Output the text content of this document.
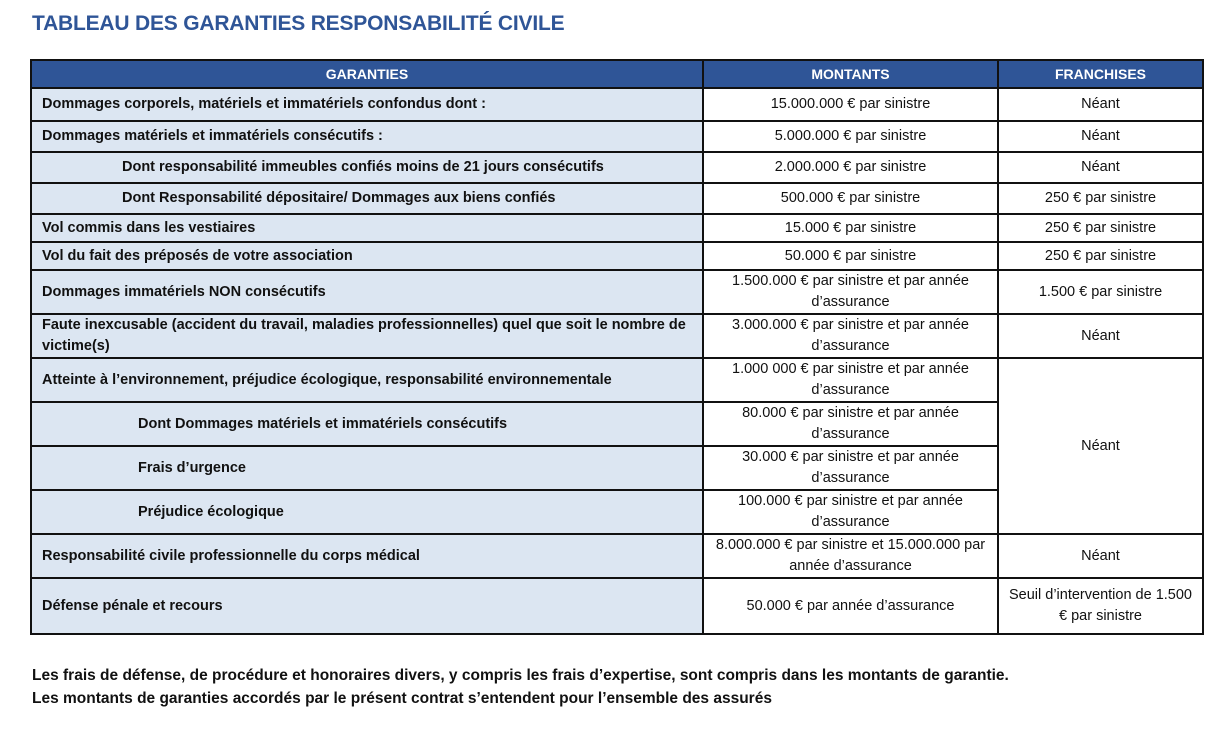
TABLEAU DES GARANTIES RESPONSABILITÉ CIVILE
GARANTIES	MONTANTS	FRANCHISES
Dommages corporels, matériels et immatériels confondus dont :	15.000.000 € par sinistre	Néant
Dommages matériels et immatériels consécutifs :	5.000.000 € par sinistre	Néant
Dont responsabilité immeubles confiés moins de 21 jours consécutifs	2.000.000 € par sinistre	Néant
Dont Responsabilité dépositaire/ Dommages aux biens confiés	500.000 € par sinistre	250 € par sinistre
Vol commis dans les vestiaires	15.000 € par sinistre	250 € par sinistre
Vol du fait des préposés de votre association	50.000 € par sinistre	250 € par sinistre
Dommages immatériels NON consécutifs	1.500.000 € par sinistre et par année d’assurance	1.500 € par sinistre
Faute inexcusable (accident du travail, maladies professionnelles) quel que soit le nombre de victime(s)	3.000.000 € par sinistre et par année d’assurance	Néant
Atteinte à l’environnement, préjudice écologique, responsabilité environnementale	1.000 000 € par sinistre et par année d’assurance	Néant
Dont Dommages matériels et immatériels consécutifs	80.000 € par sinistre et par année d’assurance	
Frais d’urgence	30.000 € par sinistre et par année d’assurance	
Préjudice écologique	100.000 € par sinistre et par année d’assurance	
Responsabilité civile professionnelle du corps médical	8.000.000 € par sinistre et 15.000.000 par année d’assurance	Néant
Défense pénale et recours	50.000 € par année d’assurance	Seuil d’intervention de 1.500 € par sinistre
Les frais de défense, de procédure et honoraires divers, y compris les frais d’expertise, sont compris dans les montants de garantie.
Les montants de garanties accordés par le présent contrat s’entendent pour l’ensemble des assurés
